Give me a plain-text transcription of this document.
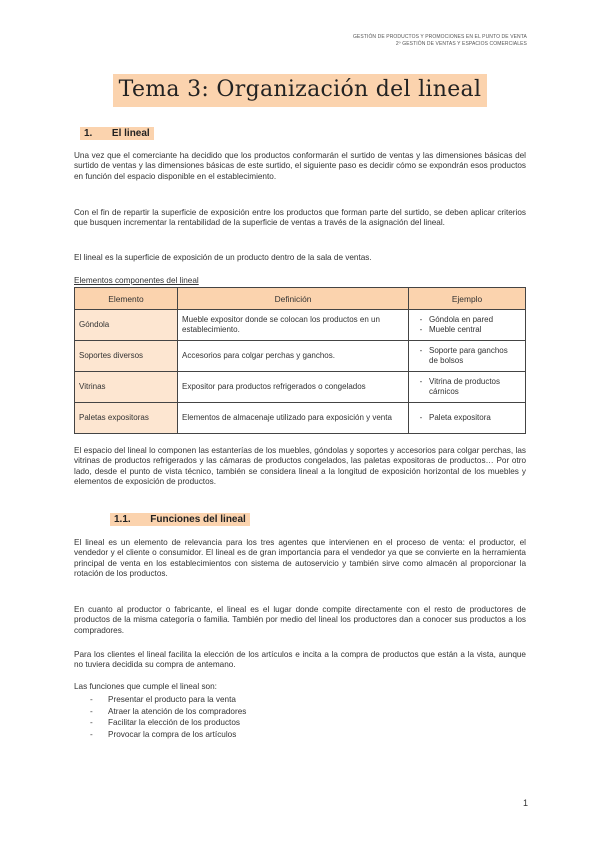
GESTIÓN DE PRODUCTOS Y PROMOCIONES EN EL PUNTO DE VENTA
2º GESTIÓN DE VENTAS Y ESPACIOS COMERCIALES
Tema 3: Organización del lineal
1. El lineal
Una vez que el comerciante ha decidido que los productos conformarán el surtido de ventas y las dimensiones básicas del surtido de ventas y las dimensiones básicas de este surtido, el siguiente paso es decidir cómo se expondrán esos productos en función del espacio disponible en el establecimiento.
Con el fin de repartir la superficie de exposición entre los productos que forman parte del surtido, se deben aplicar criterios que busquen incrementar la rentabilidad de la superficie de ventas a través de la asignación del lineal.
El lineal es la superficie de exposición de un producto dentro de la sala de ventas.
Elementos componentes del lineal
Elemento	Definición	Ejemplo
Góndola	Mueble expositor donde se colocan los productos en un establecimiento.	- Góndola en pared
- Mueble central

Soportes diversos	Accesorios para colgar perchas y ganchos.	- Soporte para ganchos de bolsos

Vitrinas	Expositor para productos refrigerados o congelados	- Vitrina de productos cárnicos

Paletas expositoras	Elementos de almacenaje utilizado para exposición y venta	- Paleta expositora
El espacio del lineal lo componen las estanterías de los muebles, góndolas y soportes y accesorios para colgar perchas, las vitrinas de productos refrigerados y las cámaras de productos congelados, las paletas expositoras de productos… Por otro lado, desde el punto de vista técnico, también se considera lineal a la longitud de exposición horizontal de los muebles y elementos de exposición de productos.
1.1. Funciones del lineal
El lineal es un elemento de relevancia para los tres agentes que intervienen en el proceso de venta: el productor, el vendedor y el cliente o consumidor. El lineal es de gran importancia para el vendedor ya que se convierte en la herramienta principal de venta en los establecimientos con sistema de autoservicio y también sirve como almacén al proporcionar la rotación de los productos.
En cuanto al productor o fabricante, el lineal es el lugar donde compite directamente con el resto de productores de productos de la misma categoría o familia. También por medio del lineal los productores dan a conocer sus productos a los compradores.
Para los clientes el lineal facilita la elección de los artículos e incita a la compra de productos que están a la vista, aunque no tuviera decidida su compra de antemano.
Las funciones que cumple el lineal son:
- Presentar el producto para la venta
- Atraer la atención de los compradores
- Facilitar la elección de los productos
- Provocar la compra de los artículos
1
